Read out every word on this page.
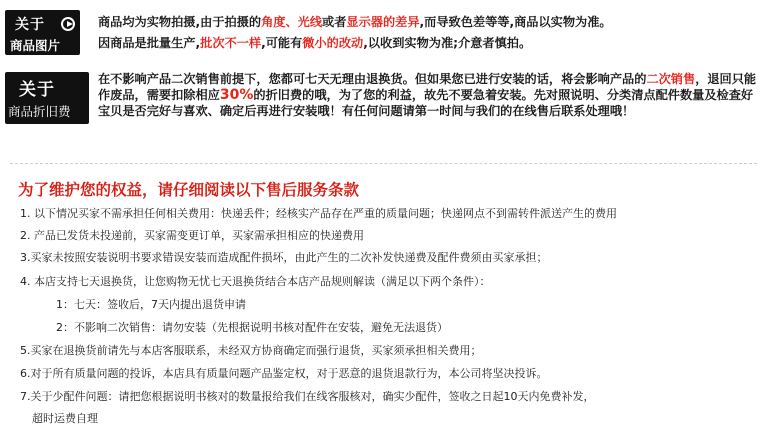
关于
商品图片
商品均为实物拍摄,由于拍摄的角度、光线或者显示器的差异,而导致色差等等,商品以实物为准。
因商品是批量生产,批次不一样,可能有微小的改动,以收到实物为准;介意者慎拍。
关于
商品折旧费
在不影响产品二次销售前提下，您都可七天无理由退换货。但如果您已进行安装的话，将会影响产品的二次销售，退回只能作废品，需要扣除相应30%的折旧费的哦，为了您的利益，故先不要急着安装。先对照说明、分类清点配件数量及检查好宝贝是否完好与喜欢、确定后再进行安装哦！有任何问题请第一时间与我们的在线售后联系处理哦！
为了维护您的权益，请仔细阅读以下售后服务条款
1. 以下情况买家不需承担任何相关费用：快递丢件；经核实产品存在严重的质量问题；快递网点不到需转件派送产生的费用
2. 产品已发货未投递前，买家需变更订单，买家需承担相应的快递费用
3.买家未按照安装说明书要求错误安装而造成配件损坏，由此产生的二次补发快递费及配件费须由买家承担；
4. 本店支持七天退换货，让您购物无忧七天退换货结合本店产品规则解读（满足以下两个条件）：
1：七天：签收后，7天内提出退货申请
2：不影响二次销售：请勿安装（先根据说明书核对配件在安装，避免无法退货）
5.买家在退换货前请先与本店客服联系，未经双方协商确定而强行退货，买家须承担相关费用；
6.对于所有质量问题的投诉，本店具有质量问题产品鉴定权，对于恶意的退货退款行为，本公司将坚决投诉。
7.关于少配件问题：请把您根据说明书核对的数量报给我们在线客服核对，确实少配件，签收之日起10天内免费补发，
超时运费自理
